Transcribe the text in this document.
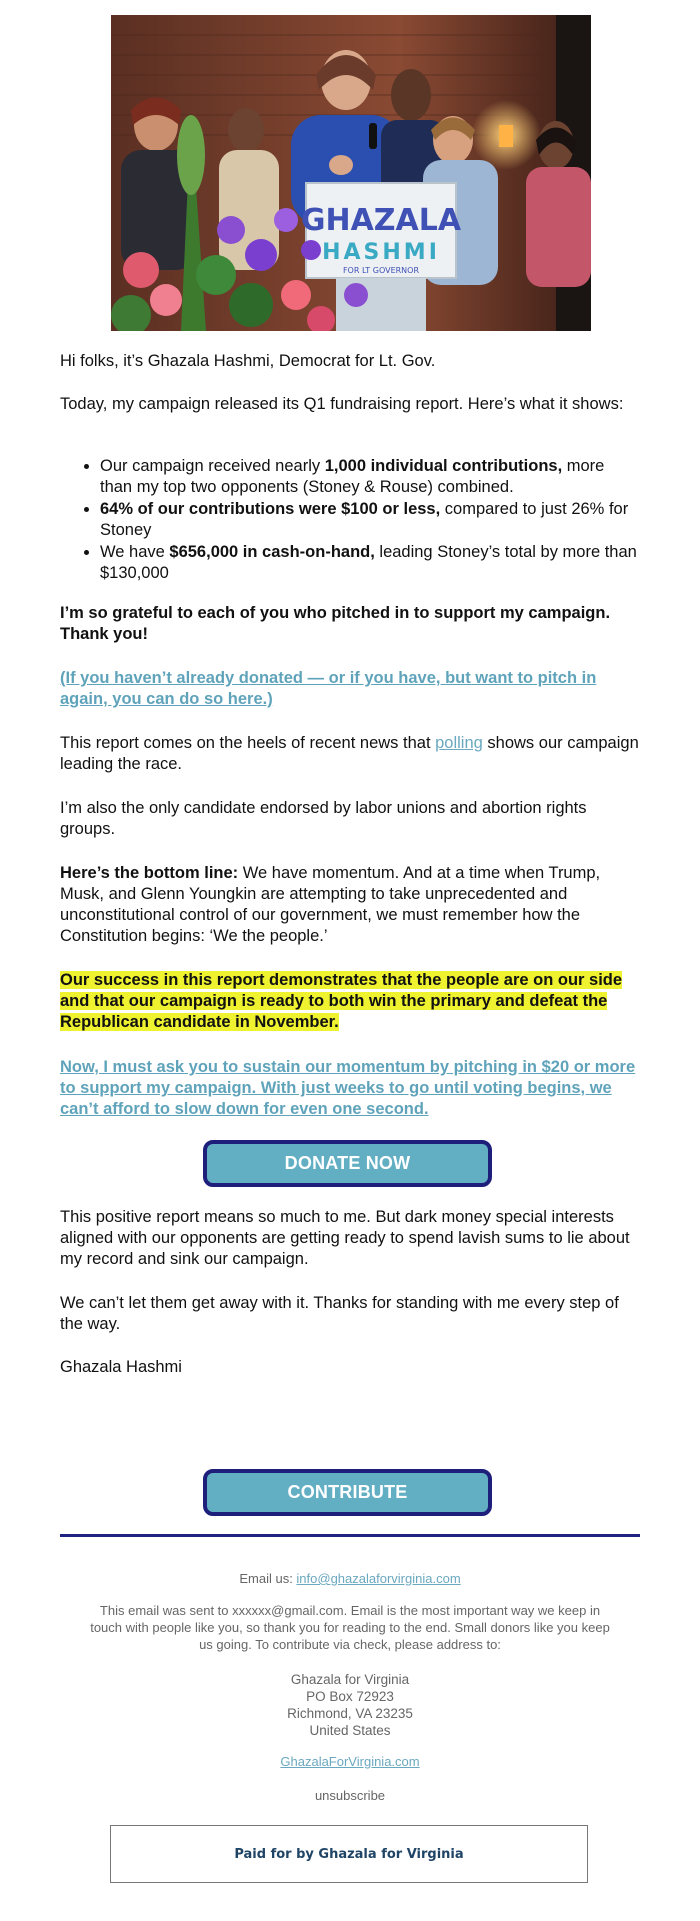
GHAZALA
HASHMI
FOR LT GOVERNOR

Hi folks, it’s Ghazala Hashmi, Democrat for Lt. Gov.

Today, my campaign released its Q1 fundraising report. Here’s what it shows:

• Our campaign received nearly 1,000 individual contributions, more than my top two opponents (Stoney & Rouse) combined.
• 64% of our contributions were $100 or less, compared to just 26% for Stoney
• We have $656,000 in cash-on-hand, leading Stoney’s total by more than $130,000

I’m so grateful to each of you who pitched in to support my campaign. Thank you!

(If you haven’t already donated — or if you have, but want to pitch in again, you can do so here.)

This report comes on the heels of recent news that polling shows our campaign leading the race.

I’m also the only candidate endorsed by labor unions and abortion rights groups.

Here’s the bottom line: We have momentum. And at a time when Trump, Musk, and Glenn Youngkin are attempting to take unprecedented and unconstitutional control of our government, we must remember how the Constitution begins: ‘We the people.’

Our success in this report demonstrates that the people are on our side and that our campaign is ready to both win the primary and defeat the Republican candidate in November.

Now, I must ask you to sustain our momentum by pitching in $20 or more to support my campaign. With just weeks to go until voting begins, we can’t afford to slow down for even one second.
DONATE NOW

This positive report means so much to me. But dark money special interests aligned with our opponents are getting ready to spend lavish sums to lie about my record and sink our campaign.

We can’t let them get away with it. Thanks for standing with me every step of the way.

Ghazala Hashmi

CONTRIBUTE
Email us: info@ghazalaforvirginia.com
This email was sent to xxxxxx@gmail.com. Email is the most important way we keep in touch with people like you, so thank you for reading to the end. Small donors like you keep us going. To contribute via check, please address to:
Ghazala for Virginia
PO Box 72923
Richmond, VA 23235
United States
GhazalaForVirginia.com
unsubscribe
Paid for by Ghazala for Virginia
